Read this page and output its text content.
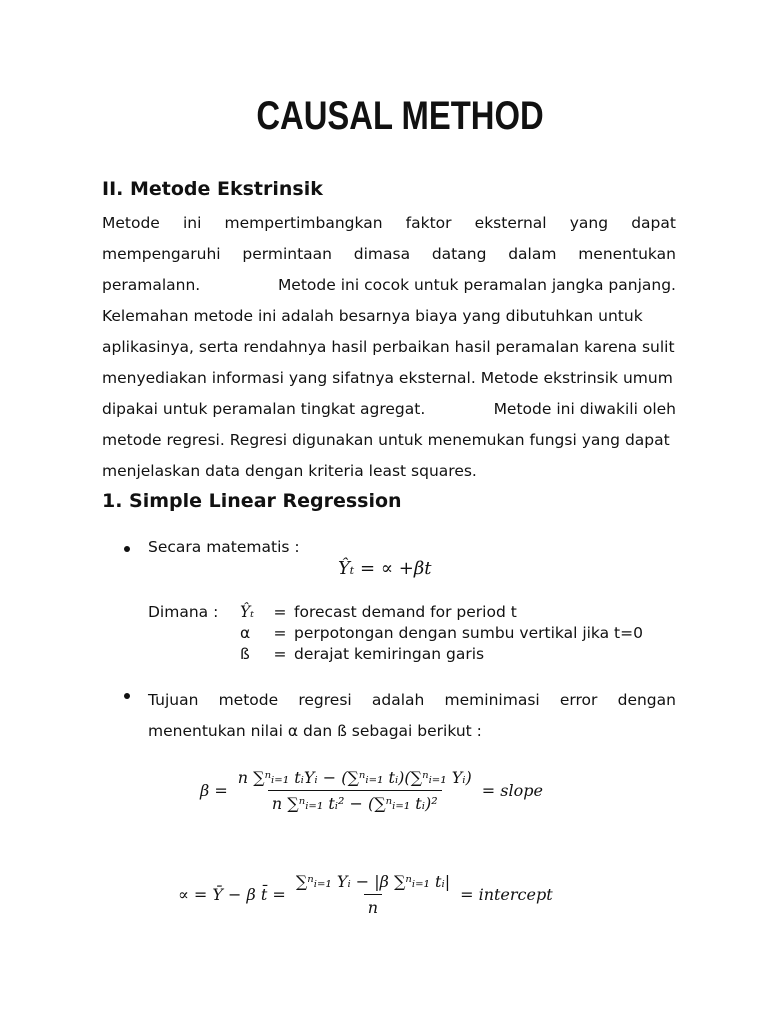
CAUSAL METHOD
II. Metode Ekstrinsik
Metode ini mempertimbangkan faktor eksternal yang dapat
mempengaruhi permintaan dimasa datang dalam menentukan
peramalann.	Metode ini cocok untuk peramalan jangka panjang.
Kelemahan metode ini adalah besarnya biaya yang dibutuhkan untuk
aplikasinya, serta rendahnya hasil perbaikan hasil peramalan karena sulit
menyediakan informasi yang sifatnya eksternal. Metode ekstrinsik umum
dipakai untuk peramalan tingkat agregat.	Metode ini diwakili oleh
metode regresi. Regresi digunakan untuk menemukan fungsi yang dapat
menjelaskan data dengan kriteria least squares.
1. Simple Linear Regression
Secara matematis :
Ŷₜ = ∝ +βt
Dimana :	Ŷₜ	= forecast demand for period t
α	= perpotongan dengan sumbu vertikal jika t=0
ß	= derajat kemiringan garis
Tujuan metode regresi adalah meminimasi error dengan
menentukan nilai α dan ß sebagai berikut :
$\beta = \frac{\text{n ∑ⁿᵢ₌₁ tᵢYᵢ − (∑ⁿᵢ₌₁ tᵢ)(∑ⁿᵢ₌₁ Yᵢ)}}{\text{n ∑ⁿᵢ₌₁ tᵢ² − (∑ⁿᵢ₌₁ tᵢ)²}}$ = slope
∝ = Ȳ − β t̄ = $\frac{\text{∑ⁿᵢ₌₁ Yᵢ − |β ∑ⁿᵢ₌₁ tᵢ|}}{n}$ = intercept
